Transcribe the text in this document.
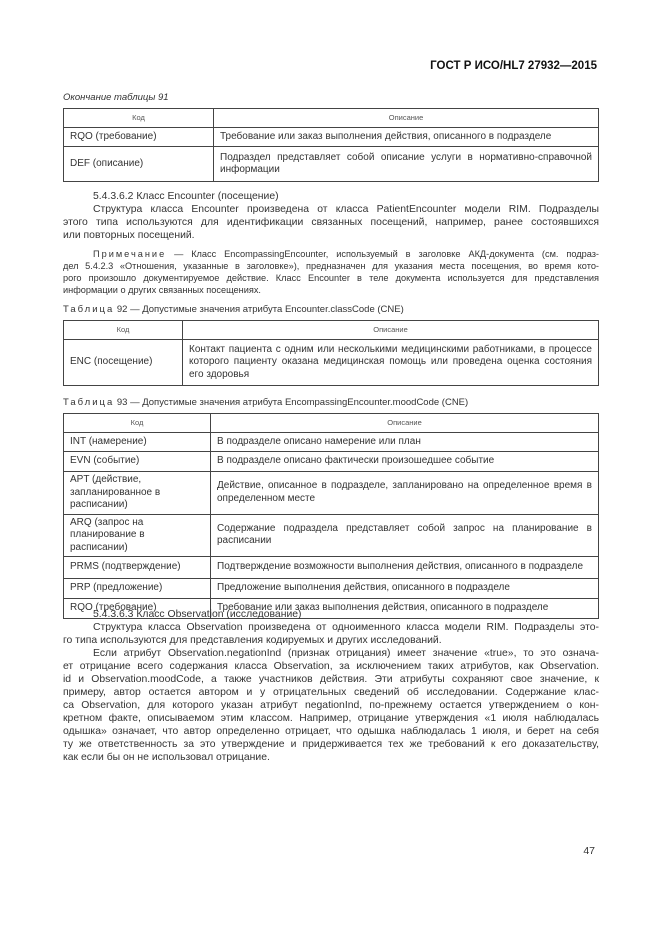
ГОСТ Р ИСО/HL7 27932—2015
Окончание таблицы 91
Код	Описание
RQO (требование)	Требование или заказ выполнения действия, описанного в подразделе
DEF (описание)	Подраздел представляет собой описание услуги в нормативно-справочной информации
5.4.3.6.2 Класс Encounter (посещение)
Структура класса Encounter произведена от класса PatientEncounter модели RIM. Подразделы
этого типа используются для идентификации связанных посещений, например, ранее состоявшихся
или повторных посещений.
Примечание — Класс EncompassingEncounter, используемый в заголовке АКД-документа (см. подраз-
дел 5.4.2.3 «Отношения, указанные в заголовке»), предназначен для указания места посещения, во время кото-
рого произошло документируемое действие. Класс Encounter в теле документа используется для представления
информации о других связанных посещениях.
Таблица 92 — Допустимые значения атрибута Encounter.classCode (CNE)
Код	Описание
ENC (посещение)	Контакт пациента с одним или несколькими медицинскими работниками, в процессе которого пациенту оказана медицинская помощь или проведена оценка состояния его здоровья
Таблица 93 — Допустимые значения атрибута EncompassingEncounter.moodCode (CNE)
Код	Описание
INT (намерение)	В подразделе описано намерение или план
EVN (событие)	В подразделе описано фактически произошедшее событие
APT (действие, запланированное в расписании)	Действие, описанное в подразделе, запланировано на определенное время в определенном месте
ARQ (запрос на планирование в расписании)	Содержание подраздела представляет собой запрос на планирование в расписании
PRMS (подтверждение)	Подтверждение возможности выполнения действия, описанного в подразделе
PRP (предложение)	Предложение выполнения действия, описанного в подразделе
RQO (требование)	Требование или заказ выполнения действия, описанного в подразделе
5.4.3.6.3 Класс Observation (исследование)
Структура класса Observation произведена от одноименного класса модели RIM. Подразделы это-
го типа используются для представления кодируемых и других исследований.
Если атрибут Observation.negationInd (признак отрицания) имеет значение «true», то это означа-
ет отрицание всего содержания класса Observation, за исключением таких атрибутов, как Observation.
id и Observation.moodCode, а также участников действия. Эти атрибуты сохраняют свое значение, к
примеру, автор остается автором и у отрицательных сведений об исследовании. Содержание клас-
са Observation, для которого указан атрибут negationInd, по-прежнему остается утверждением о кон-
кретном факте, описываемом этим классом. Например, отрицание утверждения «1 июля наблюдалась
одышка» означает, что автор определенно отрицает, что одышка наблюдалась 1 июля, и берет на себя
ту же ответственность за это утверждение и придерживается тех же требований к его доказательству,
как если бы он не использовал отрицание.
47
